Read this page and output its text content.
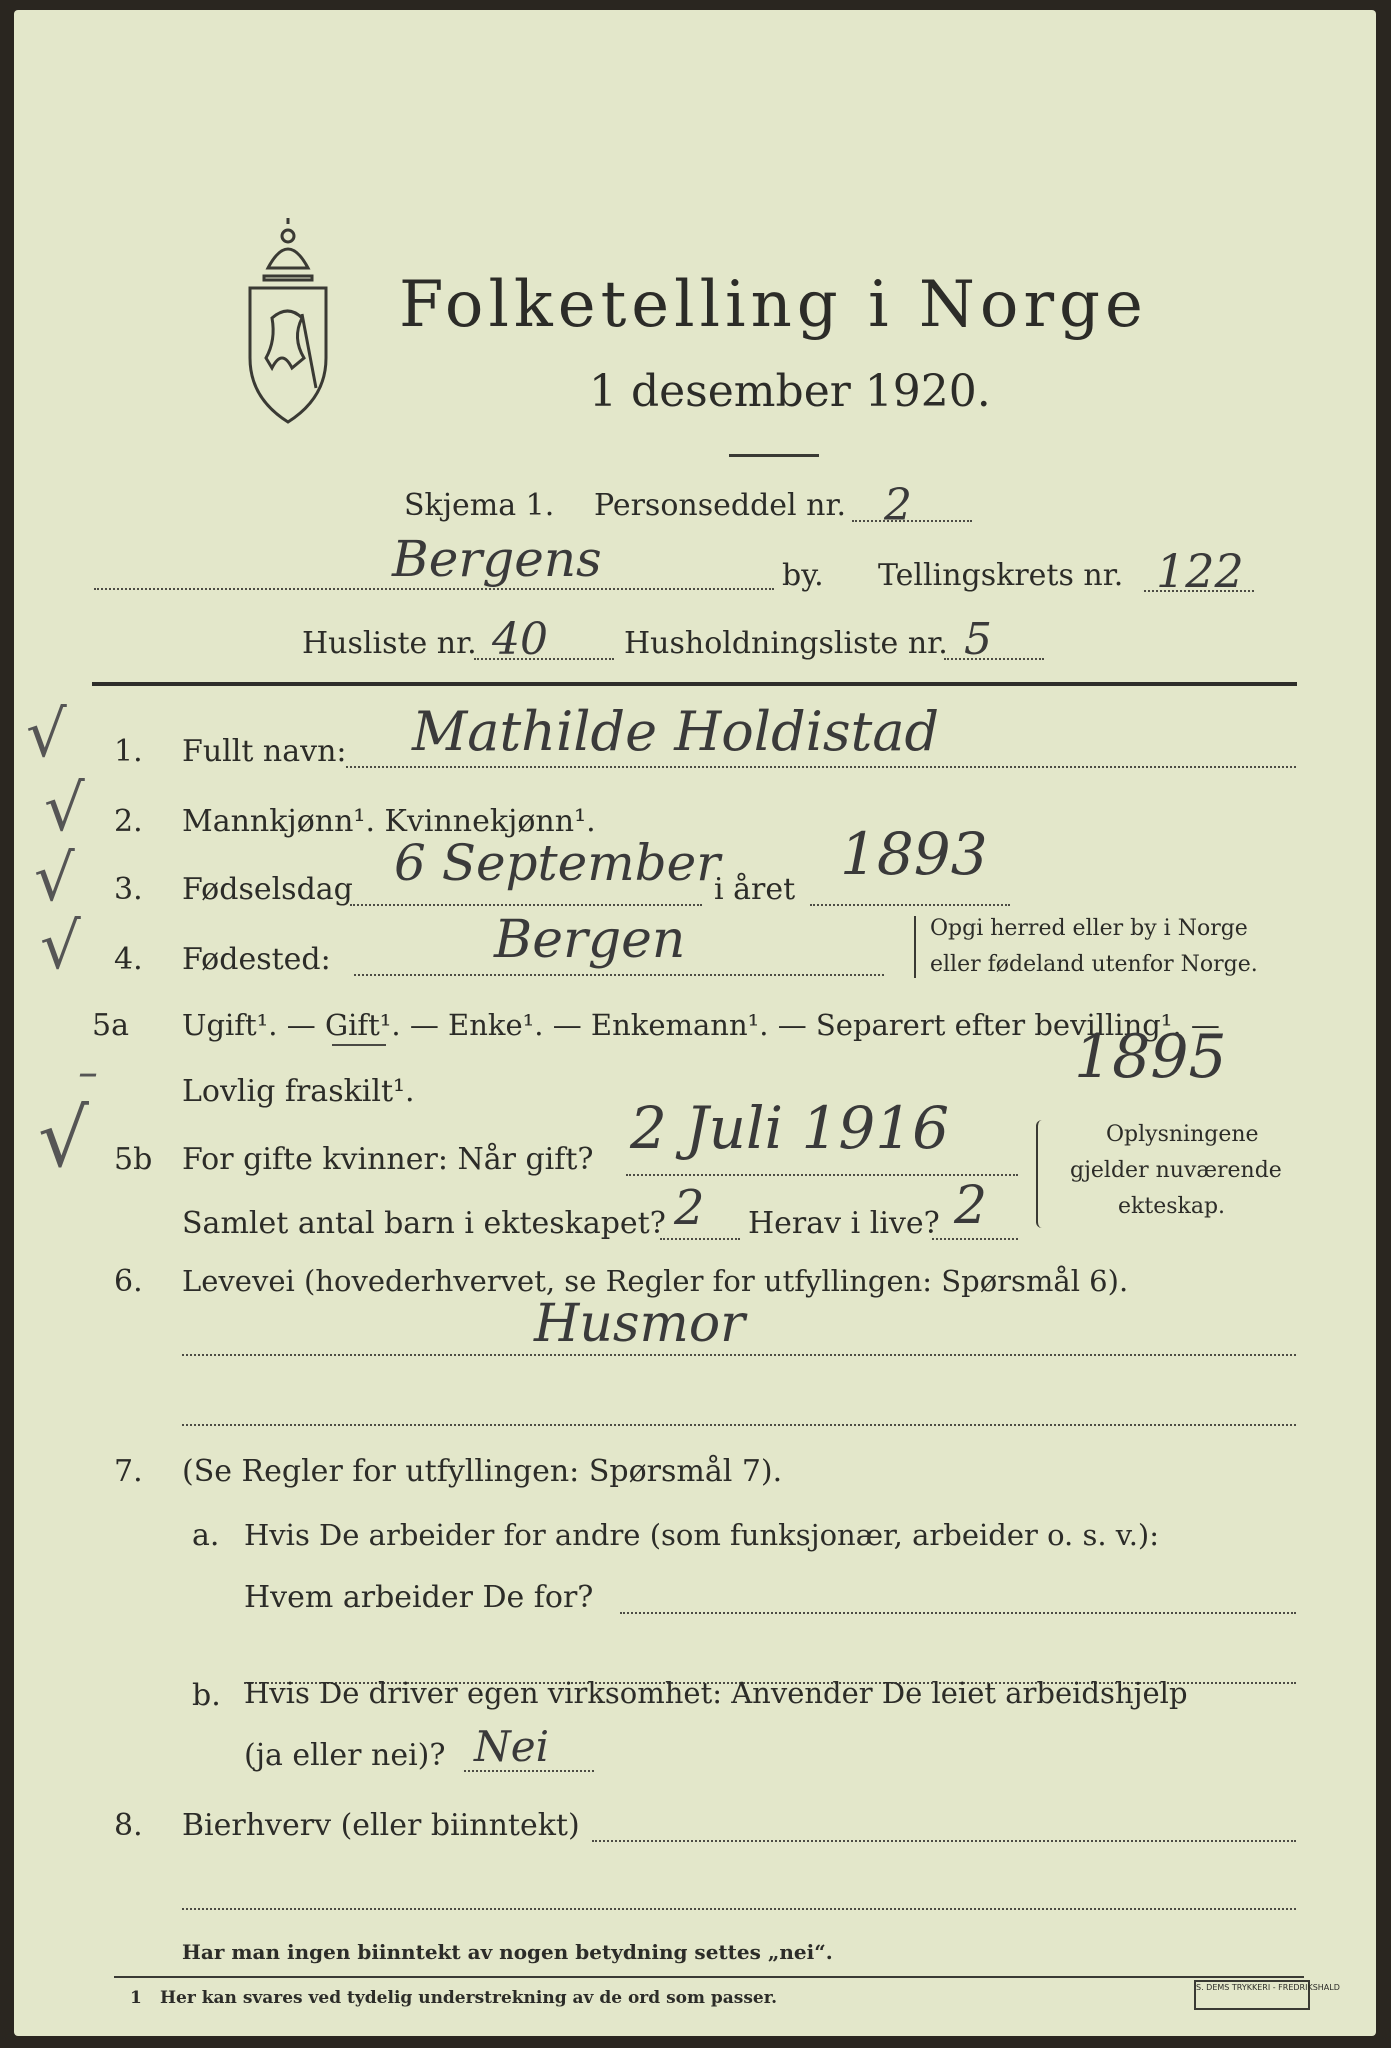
Folketelling i Norge
1 desember 1920.
Skjema 1. Personseddel nr. 2
Bergens	by. Tellingskrets nr. 122
Husliste nr. 40	Husholdningsliste nr. 5
√
√
√
√
–
√
1. Fullt navn: Mathilde Holdistad
2. Mannkjønn¹. Kvinnekjønn¹.
3. Fødselsdag 6 September
i året
1893
4. Fødested:	Bergen	Opgi herred eller by i Norge
eller fødeland utenfor Norge.
5a Ugift¹. — Gift¹. — Enke¹. — Enkemann¹. — Separert efter bevilling¹. —
Lovlig fraskilt¹.	1895
5b For gifte kvinner: Når gift? 2 Juli 1916
Samlet antal barn i ekteskapet? 2 Herav i live? 2
Oplysningene
gjelder nuværende
ekteskap.
6. Levevei (hovederhvervet, se Regler for utfyllingen: Spørsmål 6).
Husmor
7. (Se Regler for utfyllingen: Spørsmål 7).
a. Hvis De arbeider for andre (som funksjonær, arbeider o. s. v.):
Hvem arbeider De for?
b. Hvis De driver egen virksomhet: Anvender De leiet arbeidshjelp
(ja eller nei)? Nei
8. Bierhverv (eller biinntekt)
Har man ingen biinntekt av nogen betydning settes „nei“.
1 Her kan svares ved tydelig understrekning av de ord som passer.
S. DEMS TRYKKERI - FREDRIKSHALD
